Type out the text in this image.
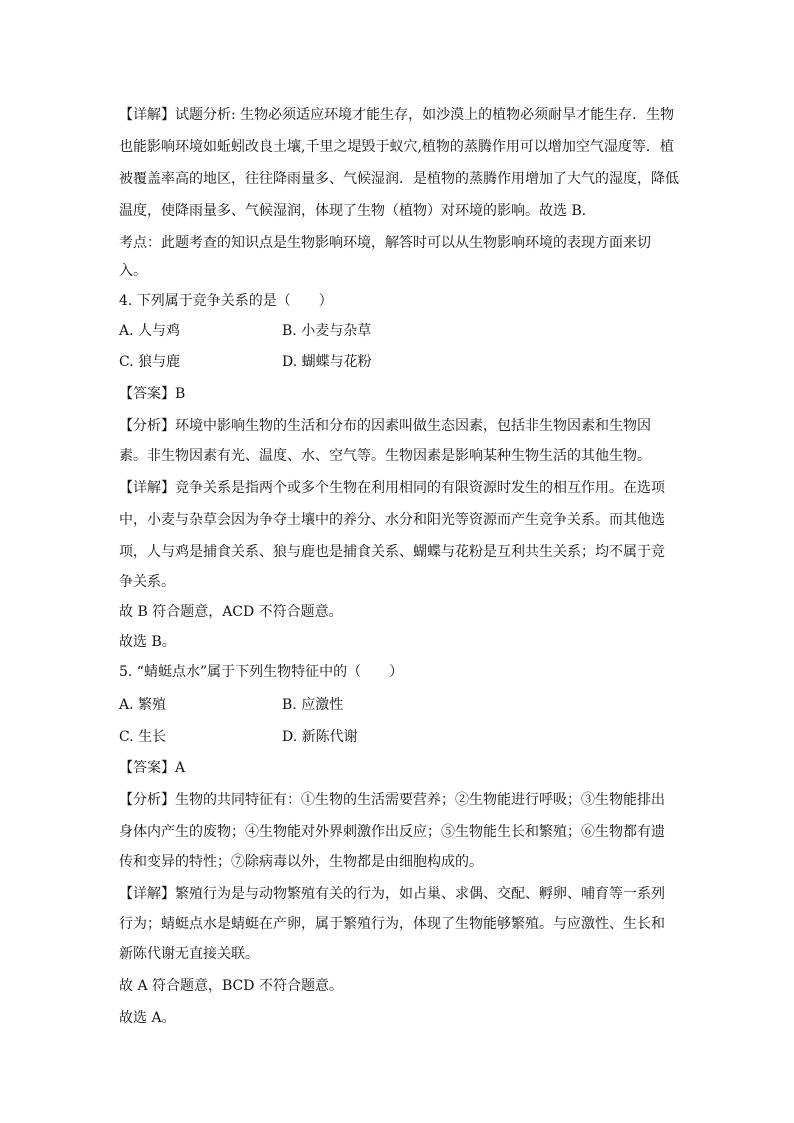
【详解】试题分析: 生物必须适应环境才能生存，如沙漠上的植物必须耐旱才能生存．生物
也能影响环境如蚯蚓改良土壤,千里之堤毁于蚁穴,植物的蒸腾作用可以增加空气湿度等．植
被覆盖率高的地区，往往降雨量多、气候湿润．是植物的蒸腾作用增加了大气的湿度，降低
温度，使降雨量多、气候湿润，体现了生物（植物）对环境的影响。故选 B．
考点：此题考查的知识点是生物影响环境，解答时可以从生物影响环境的表现方面来切
入。
4. 下列属于竞争关系的是（　　）
A. 人与鸡	B. 小麦与杂草
C. 狼与鹿	D. 蝴蝶与花粉
【答案】B
【分析】环境中影响生物的生活和分布的因素叫做生态因素，包括非生物因素和生物因
素。非生物因素有光、温度、水、空气等。生物因素是影响某种生物生活的其他生物。
【详解】竞争关系是指两个或多个生物在利用相同的有限资源时发生的相互作用。在选项
中，小麦与杂草会因为争夺土壤中的养分、水分和阳光等资源而产生竞争关系。而其他选
项，人与鸡是捕食关系、狼与鹿也是捕食关系、蝴蝶与花粉是互利共生关系；均不属于竞
争关系。
故 B 符合题意，ACD 不符合题意。
故选 B。
5. “蜻蜓点水”属于下列生物特征中的（　　）
A. 繁殖	B. 应激性
C. 生长	D. 新陈代谢
【答案】A
【分析】生物的共同特征有：①生物的生活需要营养；②生物能进行呼吸；③生物能排出
身体内产生的废物；④生物能对外界刺激作出反应；⑤生物能生长和繁殖；⑥生物都有遗
传和变异的特性；⑦除病毒以外，生物都是由细胞构成的。
【详解】繁殖行为是与动物繁殖有关的行为，如占巢、求偶、交配、孵卵、哺育等一系列
行为；蜻蜓点水是蜻蜓在产卵，属于繁殖行为，体现了生物能够繁殖。与应激性、生长和
新陈代谢无直接关联。
故 A 符合题意，BCD 不符合题意。
故选 A。
